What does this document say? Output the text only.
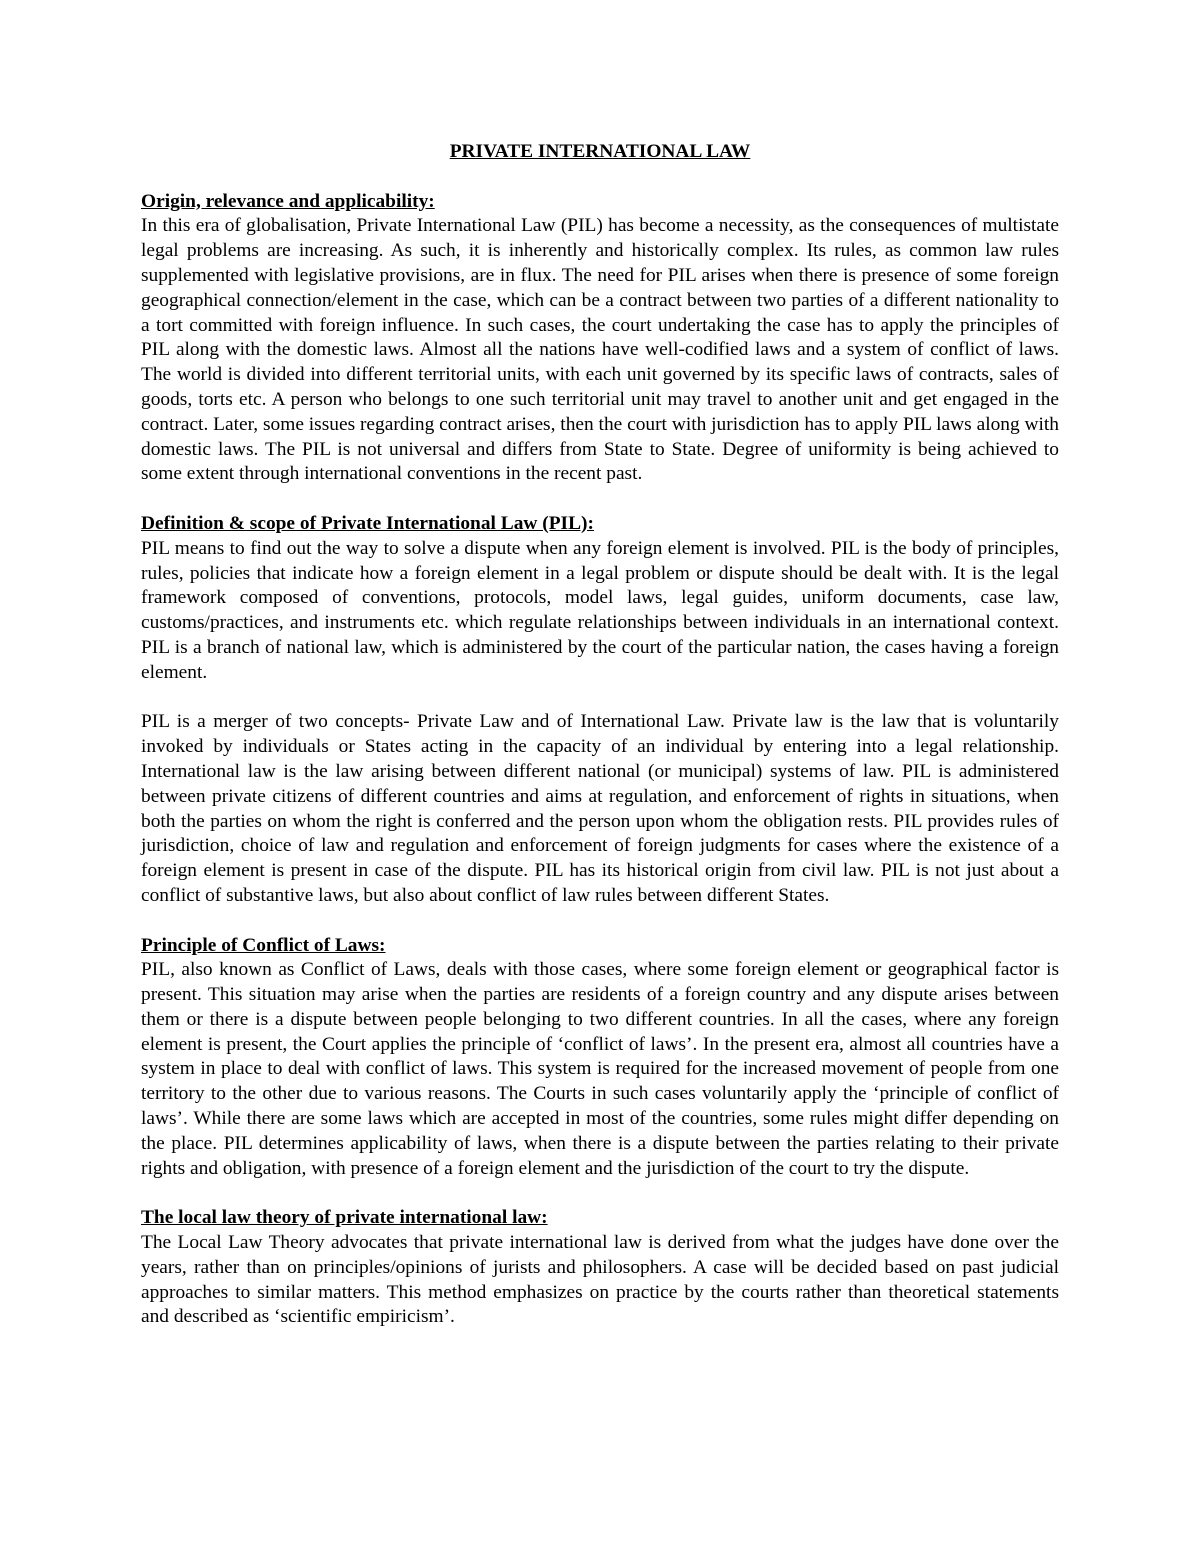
PRIVATE INTERNATIONAL LAW
Origin, relevance and applicability:

In this era of globalisation, Private International Law (PIL) has become a necessity, as the consequences of multistate legal problems are increasing. As such, it is inherently and historically complex. Its rules, as common law rules supplemented with legislative provisions, are in flux. The need for PIL arises when there is presence of some foreign geographical connection/element in the case, which can be a contract between two parties of a different nationality to a tort committed with foreign influence. In such cases, the court undertaking the case has to apply the principles of PIL along with the domestic laws. Almost all the nations have well-codified laws and a system of conflict of laws. The world is divided into different territorial units, with each unit governed by its specific laws of contracts, sales of goods, torts etc. A person who belongs to one such territorial unit may travel to another unit and get engaged in the contract. Later, some issues regarding contract arises, then the court with jurisdiction has to apply PIL laws along with domestic laws. The PIL is not universal and differs from State to State. Degree of uniformity is being achieved to some extent through international conventions in the recent past.

Definition & scope of Private International Law (PIL):

PIL means to find out the way to solve a dispute when any foreign element is involved. PIL is the body of principles, rules, policies that indicate how a foreign element in a legal problem or dispute should be dealt with. It is the legal framework composed of conventions, protocols, model laws, legal guides, uniform documents, case law, customs/practices, and instruments etc. which regulate relationships between individuals in an international context. PIL is a branch of national law, which is administered by the court of the particular nation, the cases having a foreign element.

PIL is a merger of two concepts- Private Law and of International Law. Private law is the law that is voluntarily invoked by individuals or States acting in the capacity of an individual by entering into a legal relationship. International law is the law arising between different national (or municipal) systems of law. PIL is administered between private citizens of different countries and aims at regulation, and enforcement of rights in situations, when both the parties on whom the right is conferred and the person upon whom the obligation rests. PIL provides rules of jurisdiction, choice of law and regulation and enforcement of foreign judgments for cases where the existence of a foreign element is present in case of the dispute. PIL has its historical origin from civil law. PIL is not just about a conflict of substantive laws, but also about conflict of law rules between different States.

Principle of Conflict of Laws:

PIL, also known as Conflict of Laws, deals with those cases, where some foreign element or geographical factor is present. This situation may arise when the parties are residents of a foreign country and any dispute arises between them or there is a dispute between people belonging to two different countries. In all the cases, where any foreign element is present, the Court applies the principle of ‘conflict of laws’. In the present era, almost all countries have a system in place to deal with conflict of laws. This system is required for the increased movement of people from one territory to the other due to various reasons. The Courts in such cases voluntarily apply the ‘principle of conflict of laws’. While there are some laws which are accepted in most of the countries, some rules might differ depending on the place. PIL determines applicability of laws, when there is a dispute between the parties relating to their private rights and obligation, with presence of a foreign element and the jurisdiction of the court to try the dispute.

The local law theory of private international law:

The Local Law Theory advocates that private international law is derived from what the judges have done over the years, rather than on principles/opinions of jurists and philosophers. A case will be decided based on past judicial approaches to similar matters. This method emphasizes on practice by the courts rather than theoretical statements and described as ‘scientific empiricism’.
